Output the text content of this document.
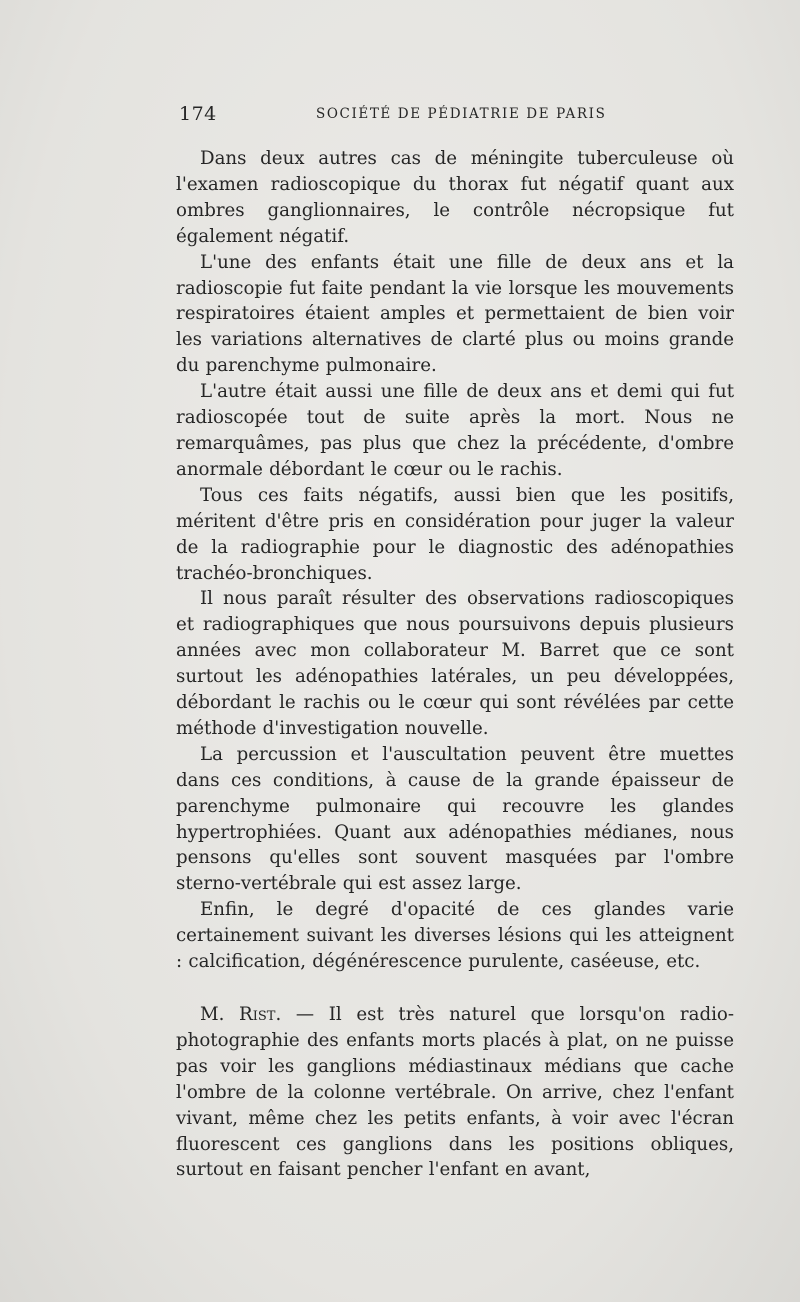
174	SOCIÉTÉ DE PÉDIATRIE DE PARIS

Dans deux autres cas de méningite tuberculeuse où l'examen radioscopique du thorax fut négatif quant aux ombres ganglionnaires, le contrôle nécropsique fut également négatif.

L'une des enfants était une fille de deux ans et la radioscopie fut faite pendant la vie lorsque les mouvements respiratoires étaient amples et permettaient de bien voir les variations alternatives de clarté plus ou moins grande du parenchyme pulmonaire.

L'autre était aussi une fille de deux ans et demi qui fut radioscopée tout de suite après la mort. Nous ne remarquâmes, pas plus que chez la précédente, d'ombre anormale débordant le cœur ou le rachis.

Tous ces faits négatifs, aussi bien que les positifs, méritent d'être pris en considération pour juger la valeur de la radiographie pour le diagnostic des adénopathies trachéo-bronchiques.

Il nous paraît résulter des observations radioscopiques et radiographiques que nous poursuivons depuis plusieurs années avec mon collaborateur M. Barret que ce sont surtout les adénopathies latérales, un peu développées, débordant le rachis ou le cœur qui sont révélées par cette méthode d'investigation nouvelle.

La percussion et l'auscultation peuvent être muettes dans ces conditions, à cause de la grande épaisseur de parenchyme pulmonaire qui recouvre les glandes hypertrophiées. Quant aux adénopathies médianes, nous pensons qu'elles sont souvent masquées par l'ombre sterno-vertébrale qui est assez large.

Enfin, le degré d'opacité de ces glandes varie certainement suivant les diverses lésions qui les atteignent : calcification, dégénérescence purulente, caséeuse, etc.

M. Rist. — Il est très naturel que lorsqu'on radio-photographie des enfants morts placés à plat, on ne puisse pas voir les ganglions médiastinaux médians que cache l'ombre de la colonne vertébrale. On arrive, chez l'enfant vivant, même chez les petits enfants, à voir avec l'écran fluorescent ces ganglions dans les positions obliques, surtout en faisant pencher l'enfant en avant,
